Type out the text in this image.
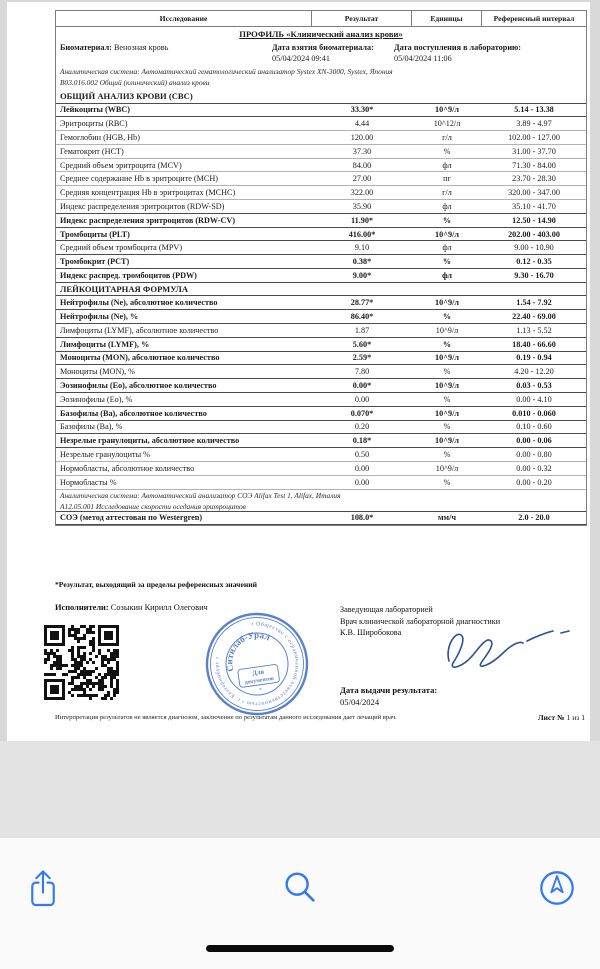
Исследование	Результат	Единицы	Референсный интервал
ПРОФИЛЬ «Клинический анализ крови»
Биоматериал: Венозная кровь	Дата взятия биоматериала:
05/04/2024 09:41
Дата поступления в лабораторию:
05/04/2024 11:06
Аналитическая система: Автоматический гематологический анализатор Systex XN-3000, Systex, Япония
B03.016.002 Общий (клинический) анализ крови
ОБЩИЙ АНАЛИЗ КРОВИ (CBC)
Лейкоциты (WBC)	33.30*	10^9/л	5.14 - 13.38
Эритроциты (RBC)	4.44	10^12/л	3.89 - 4.97
Гемоглобин (HGB, Hb)	120.00	г/л	102.00 - 127.00
Гематокрит (HCT)	37.30	%	31.00 - 37.70
Средний объем эритроцита (MCV)	84.00	фл	71.30 - 84.00
Среднее содержание Hb в эритроците (MCH)	27.00	пг	23.70 - 28.30
Средняя концентрация Hb в эритроцитах (MCHC)	322.00	г/л	320.00 - 347.00
Индекс распределения эритроцитов (RDW-SD)	35.90	фл	35.10 - 41.70
Индекс распределения эритроцитов (RDW-CV)	11.90*	%	12.50 - 14.90
Тромбоциты (PLT)	416.00*	10^9/л	202.00 - 403.00
Средний объем тромбоцита (MPV)	9.10	фл	9.00 - 10.90
Тромбокрит (PCT)	0.38*	%	0.12 - 0.35
Индекс распред. тромбоцитов (PDW)	9.00*	фл	9.30 - 16.70
ЛЕЙКОЦИТАРНАЯ ФОРМУЛА
Нейтрофилы (Ne), абсолютное количество	28.77*	10^9/л	1.54 - 7.92
Нейтрофилы (Ne), %	86.40*	%	22.40 - 69.00
Лимфоциты (LYMF), абсолютное количество	1.87	10^9/л	1.13 - 5.52
Лимфоциты (LYMF), %	5.60*	%	18.40 - 66.60
Моноциты (MON), абсолютное количество	2.59*	10^9/л	0.19 - 0.94
Моноциты (MON), %	7.80	%	4.20 - 12.20
Эозинофилы (Eo), абсолютное количество	0.00*	10^9/л	0.03 - 0.53
Эозинофилы (Eo), %	0.00	%	0.00 - 4.10
Базофилы (Ba), абсолютное количество	0.070*	10^9/л	0.010 - 0.060
Базофилы (Ba), %	0.20	%	0.10 - 0.60
Незрелые гранулоциты, абсолютное количество	0.18*	10^9/л	0.00 - 0.06
Незрелые гранулоциты %	0.50	%	0.00 - 0.80
Нормобласты, абсолютное количество	0.00	10^9/л	0.00 - 0.32
Нормобласты %	0.00	%	0.00 - 0.20
Аналитическая система: Автоматический анализатор СОЭ Alifax Test 1, Alifax, Италия
А12.05.001 Исследование скорости оседания эритроцитов
СОЭ (метод аттестован по Westergren)	108.0*	мм/ч	2.0 - 20.0
*Результат, выходящий за пределы референсных значений
Исполнители: Созыкин Кирилл Олегович
• Общество с ограниченной ответственностью • г. Екатеринбург •
Ситилаб-Урал
Для
документов
*
Заведующая лабораторией
Врач клинической лабораторной диагностики
К.В. Широбокова
Дата выдачи результата:
05/04/2024
Интерпретация результатов не является диагнозом, заключение по результатам данного исследования дает лечащий врач.	Лист № 1 из 1
